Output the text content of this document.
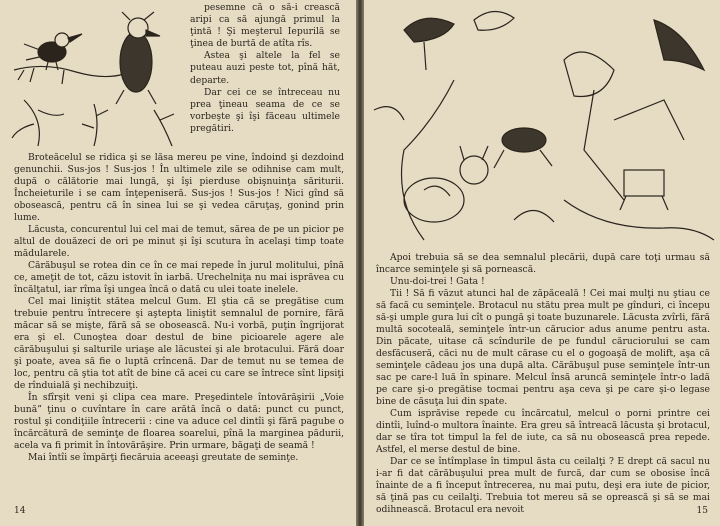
pesemne că o să-i crească aripi ca să ajungă primul la ţintă ! Şi meşterul Iepurilă se ţinea de burtă de atîta rîs.

Astea şi altele la fel se puteau auzi peste tot, pînă hăt, departe.

Dar cei ce se întreceau nu prea ţineau seama de ce se vorbeşte şi îşi făceau ultimele pregătiri.

Broteăcelul se ridica şi se lăsa mereu pe vine, îndoind şi dezdoind genunchii. Sus-jos ! Sus-jos ! În ultimele zile se odihnise cam mult, după o călătorie mai lungă, şi îşi pierduse obişnuinţa săriturii. Încheieturile i se cam înţepeniseră. Sus-jos ! Sus-jos ! Nici gînd să obosească, pentru că în sinea lui se şi vedea căruţaş, gonind prin lume.

Lăcusta, concurentul lui cel mai de temut, sărea de pe un picior pe altul de douăzeci de ori pe minut şi îşi scutura în acelaşi timp toate mădularele.

Cărăbuşul se rotea din ce în ce mai repede în jurul molitului, pînă ce, ameţit de tot, căzu istovit în iarbă. Urechelniţa nu mai isprăvea cu încălţatul, iar rîma îşi ungea încă o dată cu ulei toate inelele.

Cel mai liniştit stătea melcul Gum. El ştia că se pregătise cum trebuie pentru întrecere şi aştepta liniştit semnalul de pornire, fără măcar să se mişte, fără să se obosească. Nu-i vorbă, puţin îngrijorat era şi el. Cunoştea doar destul de bine picioarele agere ale cărăbuşului şi salturile uriaşe ale lăcustei şi ale brotacului. Fără doar şi poate, avea să fie o luptă crîncenă. Dar de temut nu se temea de loc, pentru că ştia tot atît de bine că acei cu care se întrece sînt lipsiţi de rînduială şi nechibzuiţi.

În sfîrşit veni şi clipa cea mare. Preşedintele întovărăşirii „Voie bună” ţinu o cuvîntare în care arătă încă o dată: punct cu punct, rostul şi condiţiile întrecerii : cine va aduce cel dintîi şi fără pagube o încărcătură de seminţe de floarea soarelui, pînă la marginea pădurii, acela va fi primit în întovărăşire. Prin urmare, băgaţi de seamă !

Mai întîi se împărţi fiecăruia aceeaşi greutate de seminţe.

14

Apoi trebuia să se dea semnalul plecării, după care toţi urmau să încarce seminţele şi să pornească.

Unu-doi-trei ! Gata !

Tii ! Să fi văzut atunci hal de zăpăceală ! Cei mai mulţi nu ştiau ce să facă cu seminţele. Brotacul nu stătu prea mult pe gînduri, ci începu să-şi umple gura lui cît o pungă şi toate buzunarele. Lăcusta zvîrli, fără multă socoteală, seminţele într-un cărucior adus anume pentru asta. Din păcate, uitase că scîndurile de pe fundul căruciorului se cam desfăcuseră, căci nu de mult cărase cu el o gogoaşă de molift, aşa că seminţele cădeau jos una după alta. Cărăbuşul puse seminţele într-un sac pe care-l luă în spinare. Melcul însă aruncă seminţele într-o ladă pe care şi-o pregătise tocmai pentru aşa ceva şi pe care şi-o legase bine de căsuţa lui din spate.

Cum isprăvise repede cu încărcatul, melcul o porni printre cei dintîi, luînd-o multora înainte. Era greu să întreacă lăcusta şi brotacul, dar se tîra tot timpul la fel de iute, ca să nu obosească prea repede. Astfel, el merse destul de bine.

Dar ce se întîmplase în timpul ăsta cu ceilalţi ? E drept că sacul nu i-ar fi dat cărăbuşului prea mult de furcă, dar cum se obosise încă înainte de a fi început întrecerea, nu mai putu, deşi era iute de picior, să ţină pas cu ceilalţi. Trebuia tot mereu să se oprească şi să se mai odihnească. Brotacul era nevoit	15
